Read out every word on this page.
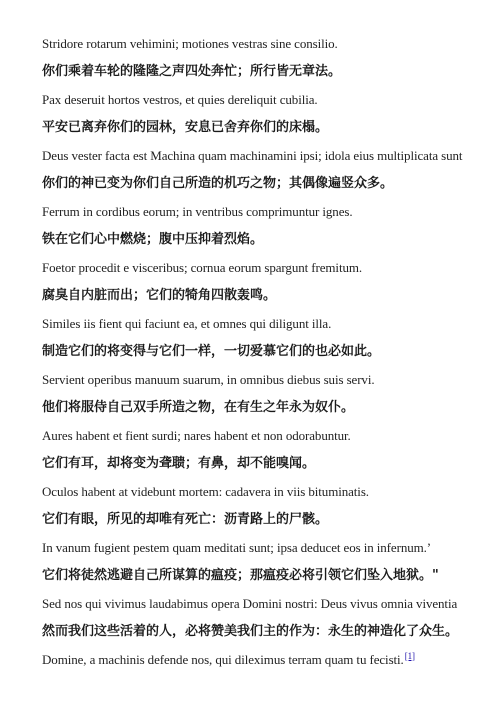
Stridore rotarum vehimini; motiones vestras sine consilio.
你们乘着车轮的隆隆之声四处奔忙；所行皆无章法。
Pax deseruit hortos vestros, et quies dereliquit cubilia.
平安已离弃你们的园林，安息已舍弃你们的床榻。
Deus vester facta est Machina quam machinamini ipsi; idola eius multiplicata sunt
你们的神已变为你们自己所造的机巧之物；其偶像遍竖众多。
Ferrum in cordibus eorum; in ventribus comprimuntur ignes.
铁在它们心中燃烧；腹中压抑着烈焰。
Foetor procedit e visceribus; cornua eorum spargunt fremitum.
腐臭自内脏而出；它们的犄角四散轰鸣。
Similes iis fient qui faciunt ea, et omnes qui diligunt illa.
制造它们的将变得与它们一样，一切爱慕它们的也必如此。
Servient operibus manuum suarum, in omnibus diebus suis servi.
他们将服侍自己双手所造之物，在有生之年永为奴仆。
Aures habent et fient surdi; nares habent et non odorabuntur.
它们有耳，却将变为聋聩；有鼻，却不能嗅闻。
Oculos habent at videbunt mortem: cadavera in viis bituminatis.
它们有眼，所见的却唯有死亡：沥青路上的尸骸。
In vanum fugient pestem quam meditati sunt; ipsa deducet eos in infernum.’
它们将徒然逃避自己所谋算的瘟疫；那瘟疫必将引领它们坠入地狱。"
Sed nos qui vivimus laudabimus opera Domini nostri: Deus vivus omnia viventia
然而我们这些活着的人，必将赞美我们主的作为：永生的神造化了众生。
Domine, a machinis defende nos, qui dileximus terram quam tu fecisti.[1]
